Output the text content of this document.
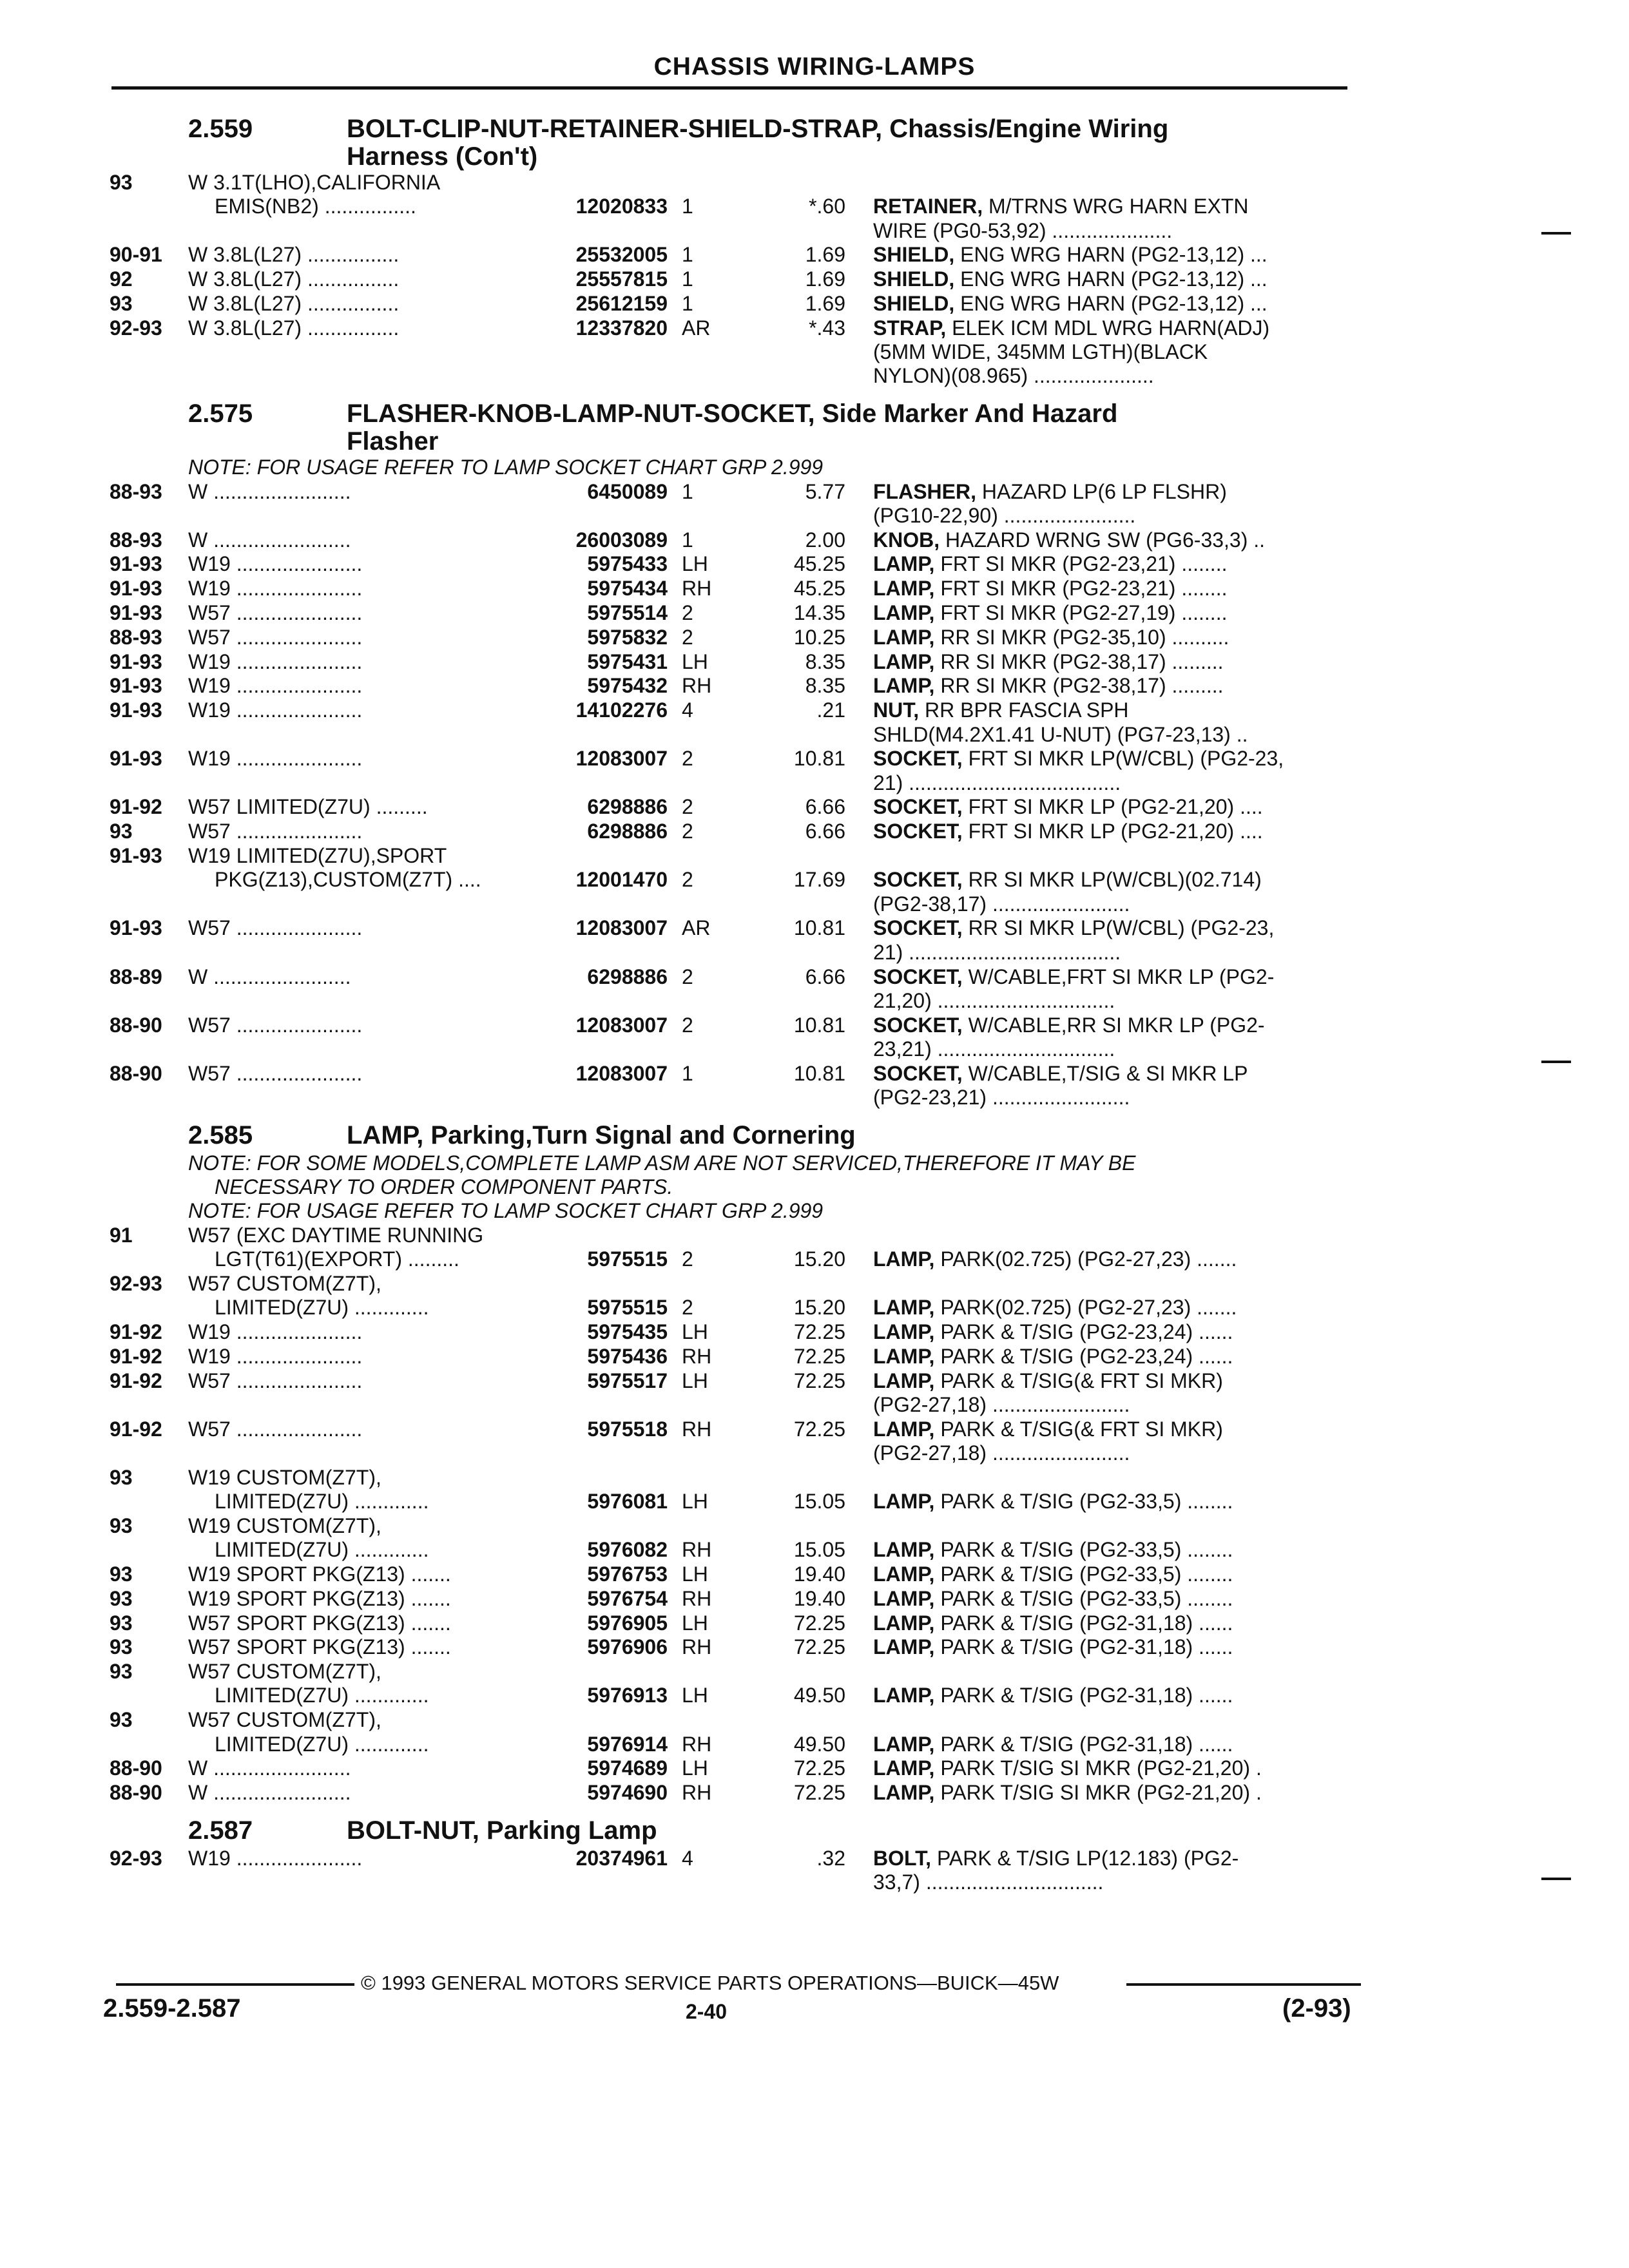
CHASSIS WIRING-LAMPS
2.559	BOLT-CLIP-NUT-RETAINER-SHIELD-STRAP, Chassis/Engine Wiring
Harness (Con't)
93	W 3.1T(LHO),CALIFORNIA
EMIS(NB2) ................	12020833 1	*.60 RETAINER, M/TRNS WRG HARN EXTN
WIRE (PG0-53,92) .....................
90-91 W 3.8L(L27) ................	25532005 1	1.69 SHIELD, ENG WRG HARN (PG2-13,12) ...
92	W 3.8L(L27) ................	25557815 1	1.69 SHIELD, ENG WRG HARN (PG2-13,12) ...
93	W 3.8L(L27) ................	25612159 1	1.69 SHIELD, ENG WRG HARN (PG2-13,12) ...
92-93 W 3.8L(L27) ................	12337820 AR	*.43 STRAP, ELEK ICM MDL WRG HARN(ADJ)
(5MM WIDE, 345MM LGTH)(BLACK
NYLON)(08.965) .....................
2.575	FLASHER-KNOB-LAMP-NUT-SOCKET, Side Marker And Hazard
Flasher
NOTE: FOR USAGE REFER TO LAMP SOCKET CHART GRP 2.999
88-93 W ........................	6450089 1	5.77 FLASHER, HAZARD LP(6 LP FLSHR)
(PG10-22,90) .......................
88-93 W ........................	26003089 1	2.00 KNOB, HAZARD WRNG SW (PG6-33,3) ..
91-93 W19 ......................	5975433 LH	45.25 LAMP, FRT SI MKR (PG2-23,21) ........
91-93 W19 ......................	5975434 RH	45.25 LAMP, FRT SI MKR (PG2-23,21) ........
91-93 W57 ......................	5975514 2	14.35 LAMP, FRT SI MKR (PG2-27,19) ........
88-93 W57 ......................	5975832 2	10.25 LAMP, RR SI MKR (PG2-35,10) ..........
91-93 W19 ......................	5975431 LH	8.35 LAMP, RR SI MKR (PG2-38,17) .........
91-93 W19 ......................	5975432 RH	8.35 LAMP, RR SI MKR (PG2-38,17) .........
91-93 W19 ......................	14102276 4	.21 NUT, RR BPR FASCIA SPH
SHLD(M4.2X1.41 U-NUT) (PG7-23,13) ..
91-93 W19 ......................	12083007 2	10.81 SOCKET, FRT SI MKR LP(W/CBL) (PG2-23,
21) .....................................
91-92 W57 LIMITED(Z7U) .........	6298886 2	6.66 SOCKET, FRT SI MKR LP (PG2-21,20) ....
93	W57 ......................	6298886 2	6.66 SOCKET, FRT SI MKR LP (PG2-21,20) ....
91-93 W19 LIMITED(Z7U),SPORT
PKG(Z13),CUSTOM(Z7T) ....	12001470 2	17.69 SOCKET, RR SI MKR LP(W/CBL)(02.714)
(PG2-38,17) ........................
91-93 W57 ......................	12083007 AR	10.81 SOCKET, RR SI MKR LP(W/CBL) (PG2-23,
21) .....................................
88-89 W ........................	6298886 2	6.66 SOCKET, W/CABLE,FRT SI MKR LP (PG2-
21,20) ...............................
88-90 W57 ......................	12083007 2	10.81 SOCKET, W/CABLE,RR SI MKR LP (PG2-
23,21) ...............................
88-90 W57 ......................	12083007 1	10.81 SOCKET, W/CABLE,T/SIG & SI MKR LP
(PG2-23,21) ........................
2.585	LAMP, Parking,Turn Signal and Cornering
NOTE: FOR SOME MODELS,COMPLETE LAMP ASM ARE NOT SERVICED,THEREFORE IT MAY BE
NECESSARY TO ORDER COMPONENT PARTS.
NOTE: FOR USAGE REFER TO LAMP SOCKET CHART GRP 2.999
91	W57 (EXC DAYTIME RUNNING
LGT(T61)(EXPORT) .........	5975515 2	15.20 LAMP, PARK(02.725) (PG2-27,23) .......
92-93 W57 CUSTOM(Z7T),
LIMITED(Z7U) .............	5975515 2	15.20 LAMP, PARK(02.725) (PG2-27,23) .......
91-92 W19 ......................	5975435 LH	72.25 LAMP, PARK & T/SIG (PG2-23,24) ......
91-92 W19 ......................	5975436 RH	72.25 LAMP, PARK & T/SIG (PG2-23,24) ......
91-92 W57 ......................	5975517 LH	72.25 LAMP, PARK & T/SIG(& FRT SI MKR)
(PG2-27,18) ........................
91-92 W57 ......................	5975518 RH	72.25 LAMP, PARK & T/SIG(& FRT SI MKR)
(PG2-27,18) ........................
93	W19 CUSTOM(Z7T),
LIMITED(Z7U) .............	5976081 LH	15.05 LAMP, PARK & T/SIG (PG2-33,5) ........
93	W19 CUSTOM(Z7T),
LIMITED(Z7U) .............	5976082 RH	15.05 LAMP, PARK & T/SIG (PG2-33,5) ........
93	W19 SPORT PKG(Z13) .......	5976753 LH	19.40 LAMP, PARK & T/SIG (PG2-33,5) ........
93	W19 SPORT PKG(Z13) .......	5976754 RH	19.40 LAMP, PARK & T/SIG (PG2-33,5) ........
93	W57 SPORT PKG(Z13) .......	5976905 LH	72.25 LAMP, PARK & T/SIG (PG2-31,18) ......
93	W57 SPORT PKG(Z13) .......	5976906 RH	72.25 LAMP, PARK & T/SIG (PG2-31,18) ......
93	W57 CUSTOM(Z7T),
LIMITED(Z7U) .............	5976913 LH	49.50 LAMP, PARK & T/SIG (PG2-31,18) ......
93	W57 CUSTOM(Z7T),
LIMITED(Z7U) .............	5976914 RH	49.50 LAMP, PARK & T/SIG (PG2-31,18) ......
88-90 W ........................	5974689 LH	72.25 LAMP, PARK T/SIG SI MKR (PG2-21,20) .
88-90 W ........................	5974690 RH	72.25 LAMP, PARK T/SIG SI MKR (PG2-21,20) .
2.587	BOLT-NUT, Parking Lamp
92-93 W19 ......................	20374961 4	.32 BOLT, PARK & T/SIG LP(12.183) (PG2-
33,7) ...............................
© 1993 GENERAL MOTORS SERVICE PARTS OPERATIONS—BUICK—45W
2.559-2.587	2-40	(2-93)
